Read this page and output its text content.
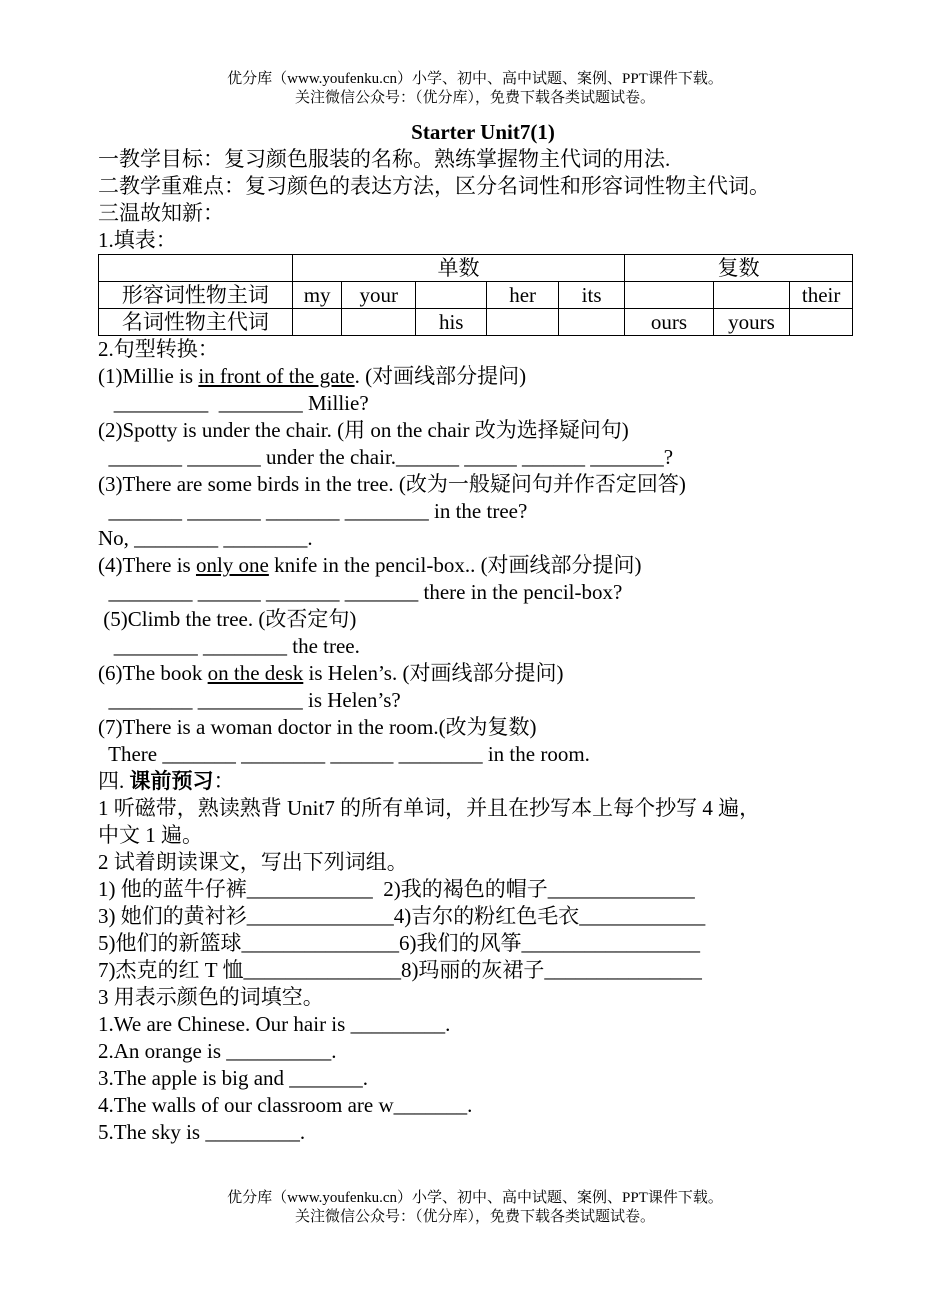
优分库（www.youfenku.cn）小学、初中、高中试题、案例、PPT课件下载。
关注微信公众号：（优分库），免费下载各类试题试卷。
Starter Unit7(1)
一教学目标：复习颜色服装的名称。熟练掌握物主代词的用法.
二教学重难点：复习颜色的表达方法，区分名词性和形容词性物主代词。
三温故知新：
1.填表：
	单数					复数		
形容词性物主词	my	your		her	its			their
名词性物主代词			his			ours	yours	
2.句型转换：
(1)Millie is in front of the gate. (对画线部分提问)
_________  ________ Millie?
(2)Spotty is under the chair. (用 on the chair 改为选择疑问句)
_______ _______ under the chair.______ _____ ______ _______?
(3)There are some birds in the tree. (改为一般疑问句并作否定回答)
_______ _______ _______ ________ in the tree?
No, ________ ________.
(4)There is only one knife in the pencil-box.. (对画线部分提问)
________ ______ _______ _______ there in the pencil-box?
(5)Climb the tree. (改否定句)
________ ________ the tree.
(6)The book on the desk is Helen’s. (对画线部分提问)
________ __________ is Helen’s?
(7)There is a woman doctor in the room.(改为复数)
There _______ ________ ______ ________ in the room.
四. 课前预习：
1 听磁带，熟读熟背 Unit7 的所有单词，并且在抄写本上每个抄写 4 遍，
中文 1 遍。
2 试着朗读课文，写出下列词组。
1) 他的蓝牛仔裤____________  2)我的褐色的帽子______________
3) 她们的黄衬衫______________4)吉尔的粉红色毛衣____________
5)他们的新篮球_______________6)我们的风筝_________________
7)杰克的红 T 恤_______________8)玛丽的灰裙子_______________
3 用表示颜色的词填空。
1.We are Chinese. Our hair is _________.
2.An orange is __________.
3.The apple is big and _______.
4.The walls of our classroom are w_______.
5.The sky is _________.
优分库（www.youfenku.cn）小学、初中、高中试题、案例、PPT课件下载。
关注微信公众号：（优分库），免费下载各类试题试卷。
